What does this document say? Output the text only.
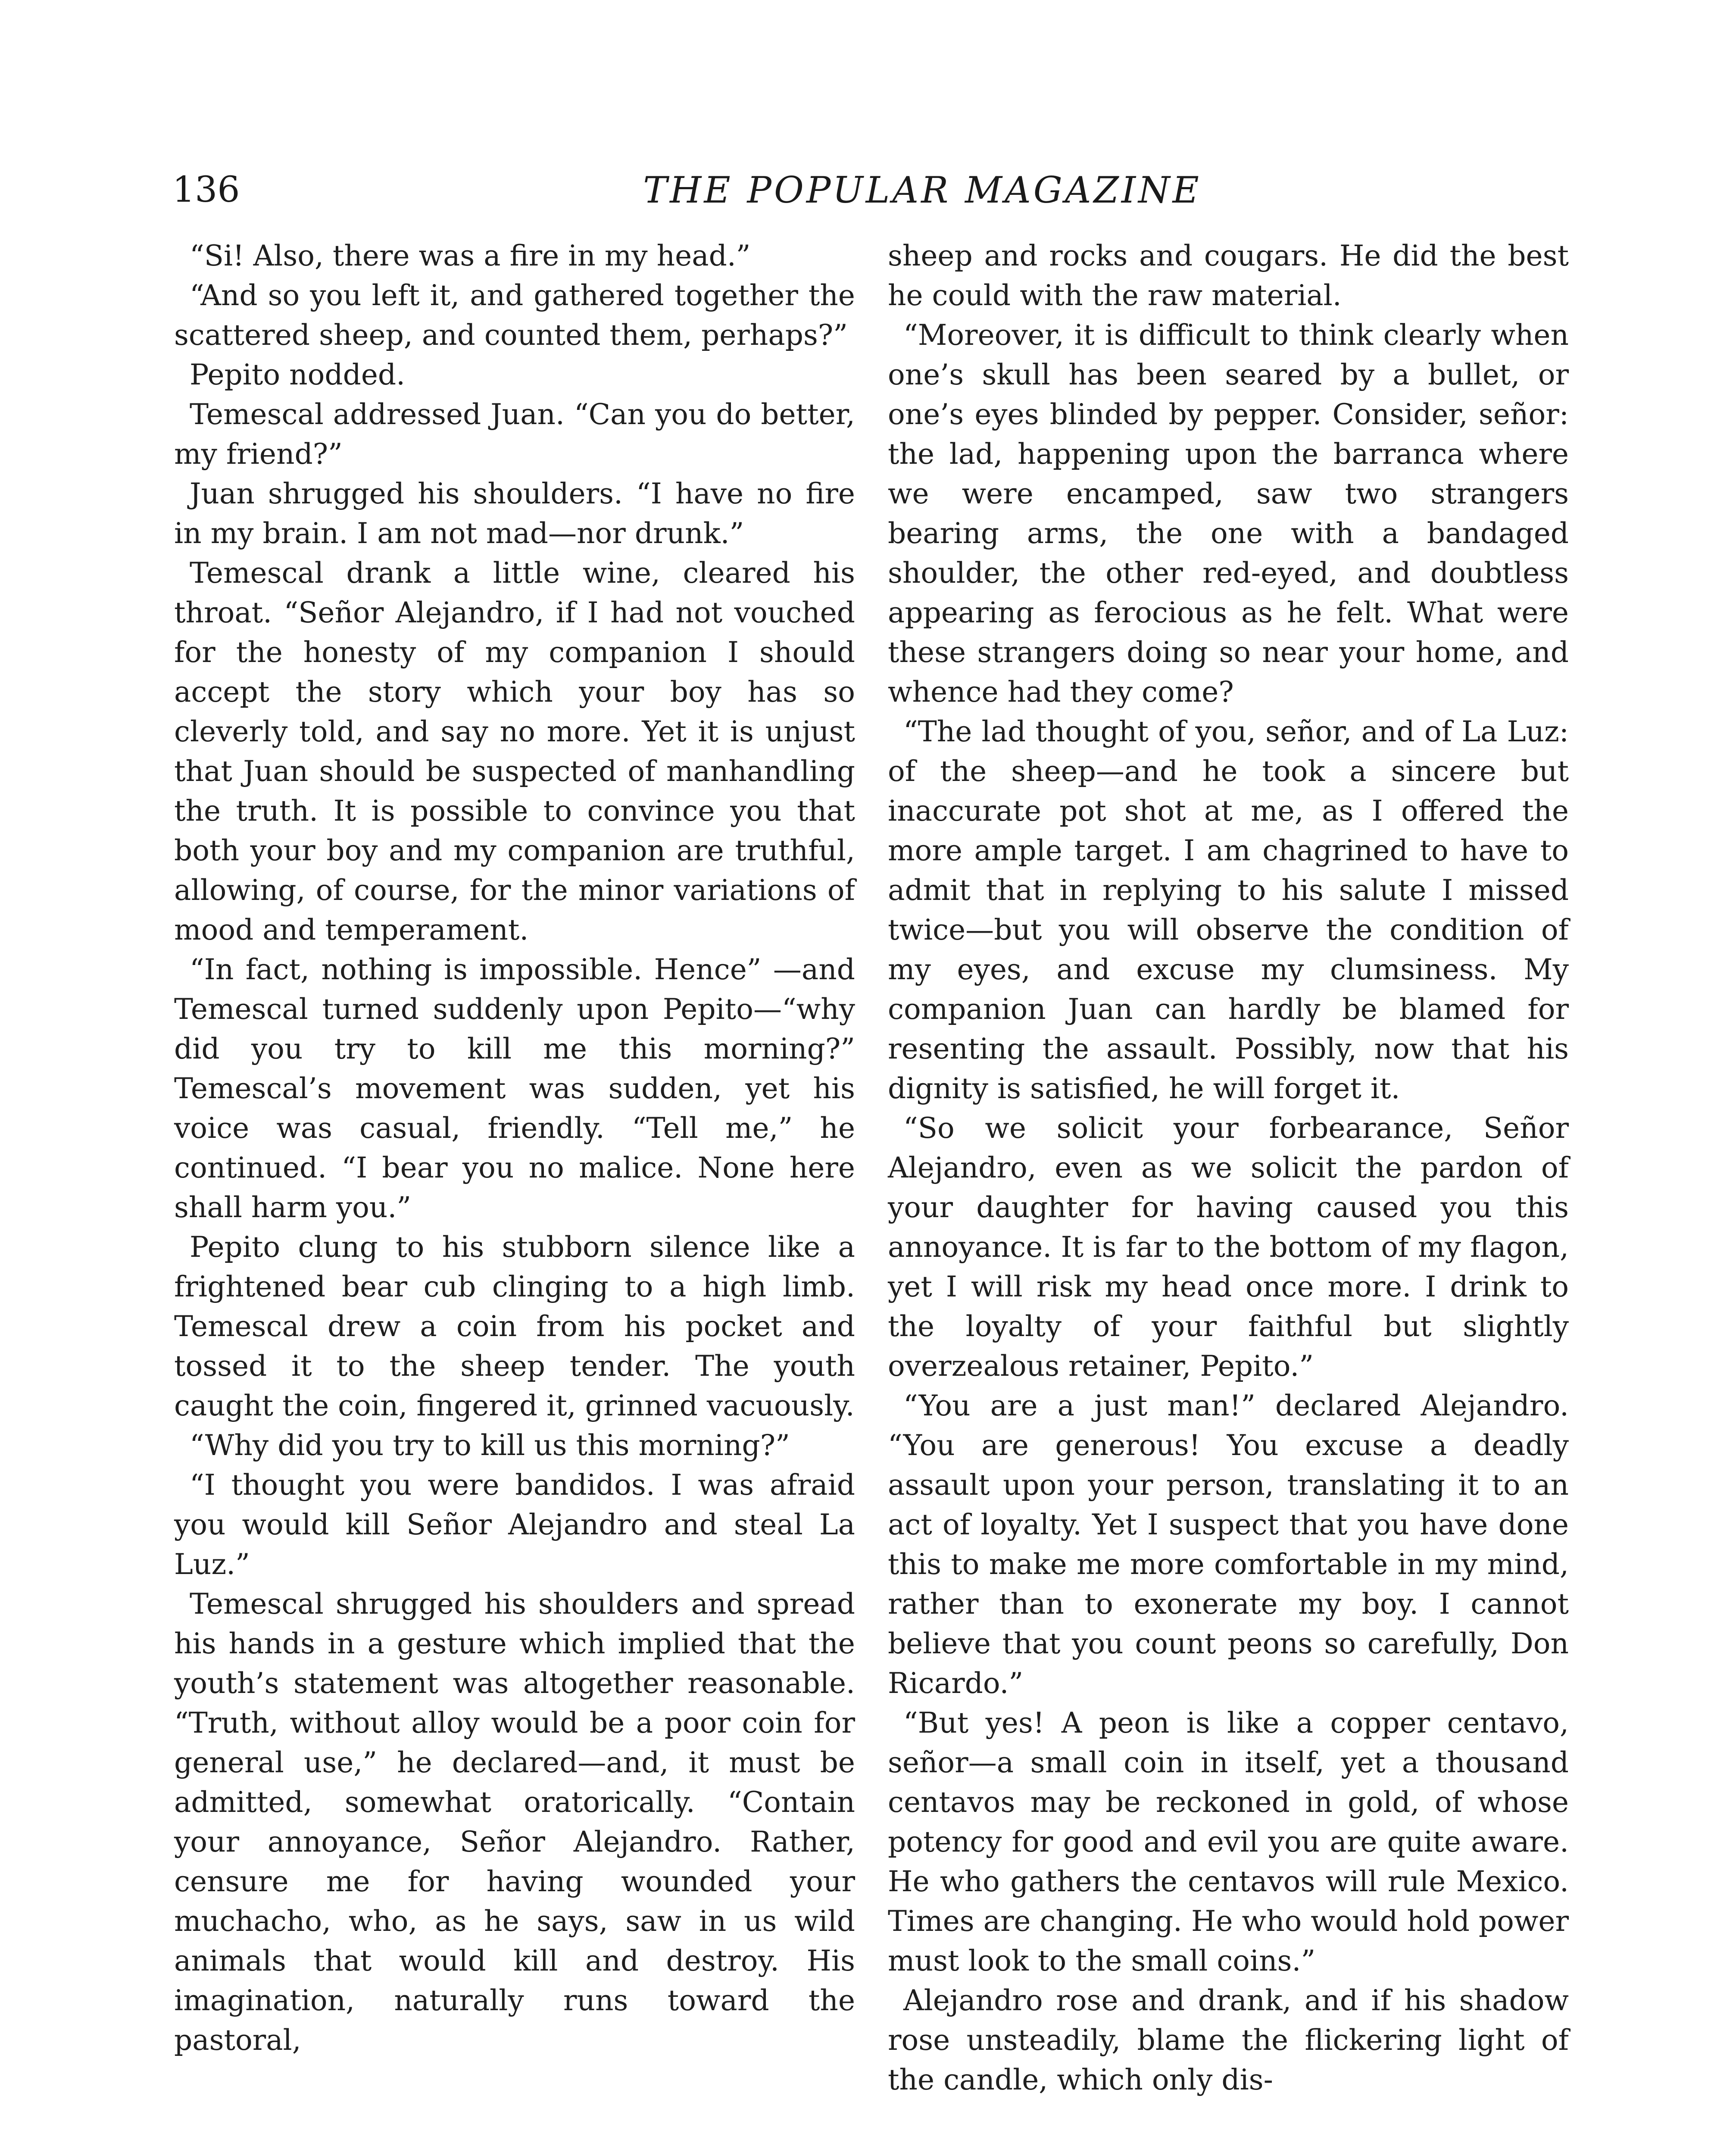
136	THE POPULAR MAGAZINE

“Si! Also, there was a fire in my head.”

“And so you left it, and gathered together the scattered sheep, and counted them, perhaps?”

Pepito nodded.

Temescal addressed Juan. “Can you do better, my friend?”

Juan shrugged his shoulders. “I have no fire in my brain. I am not mad—nor drunk.”

Temescal drank a little wine, cleared his throat. “Señor Alejandro, if I had not vouched for the honesty of my companion I should accept the story which your boy has so cleverly told, and say no more. Yet it is unjust that Juan should be suspected of manhandling the truth. It is possible to convince you that both your boy and my companion are truthful, allowing, of course, for the minor variations of mood and temperament.

“In fact, nothing is impossible. Hence” —and Temescal turned suddenly upon Pepito—“why did you try to kill me this morning?” Temescal’s movement was sudden, yet his voice was casual, friendly. “Tell me,” he continued. “I bear you no malice. None here shall harm you.”

Pepito clung to his stubborn silence like a frightened bear cub clinging to a high limb. Temescal drew a coin from his pocket and tossed it to the sheep tender. The youth caught the coin, fingered it, grinned vacuously.

“Why did you try to kill us this morning?”

“I thought you were bandidos. I was afraid you would kill Señor Alejandro and steal La Luz.”

Temescal shrugged his shoulders and spread his hands in a gesture which implied that the youth’s statement was altogether reasonable. “Truth, without alloy would be a poor coin for general use,” he declared—and, it must be admitted, somewhat oratorically. “Contain your annoyance, Señor Alejandro. Rather, censure me for having wounded your muchacho, who, as he says, saw in us wild animals that would kill and destroy. His imagination, naturally runs toward the pastoral,

sheep and rocks and cougars. He did the best he could with the raw material.

“Moreover, it is difficult to think clearly when one’s skull has been seared by a bullet, or one’s eyes blinded by pepper. Consider, señor: the lad, happening upon the barranca where we were encamped, saw two strangers bearing arms, the one with a bandaged shoulder, the other red-eyed, and doubtless appearing as ferocious as he felt. What were these strangers doing so near your home, and whence had they come?

“The lad thought of you, señor, and of La Luz: of the sheep—and he took a sincere but inaccurate pot shot at me, as I offered the more ample target. I am chagrined to have to admit that in replying to his salute I missed twice—but you will observe the condition of my eyes, and excuse my clumsiness. My companion Juan can hardly be blamed for resenting the assault. Possibly, now that his dignity is satisfied, he will forget it.

“So we solicit your forbearance, Señor Alejandro, even as we solicit the pardon of your daughter for having caused you this annoyance. It is far to the bottom of my flagon, yet I will risk my head once more. I drink to the loyalty of your faithful but slightly overzealous retainer, Pepito.”

“You are a just man!” declared Alejandro. “You are generous! You excuse a deadly assault upon your person, translating it to an act of loyalty. Yet I suspect that you have done this to make me more comfortable in my mind, rather than to exonerate my boy. I cannot believe that you count peons so carefully, Don Ricardo.”

“But yes! A peon is like a copper centavo, señor—a small coin in itself, yet a thousand centavos may be reckoned in gold, of whose potency for good and evil you are quite aware. He who gathers the centavos will rule Mexico. Times are changing. He who would hold power must look to the small coins.”

Alejandro rose and drank, and if his shadow rose unsteadily, blame the flickering light of the candle, which only dis-
